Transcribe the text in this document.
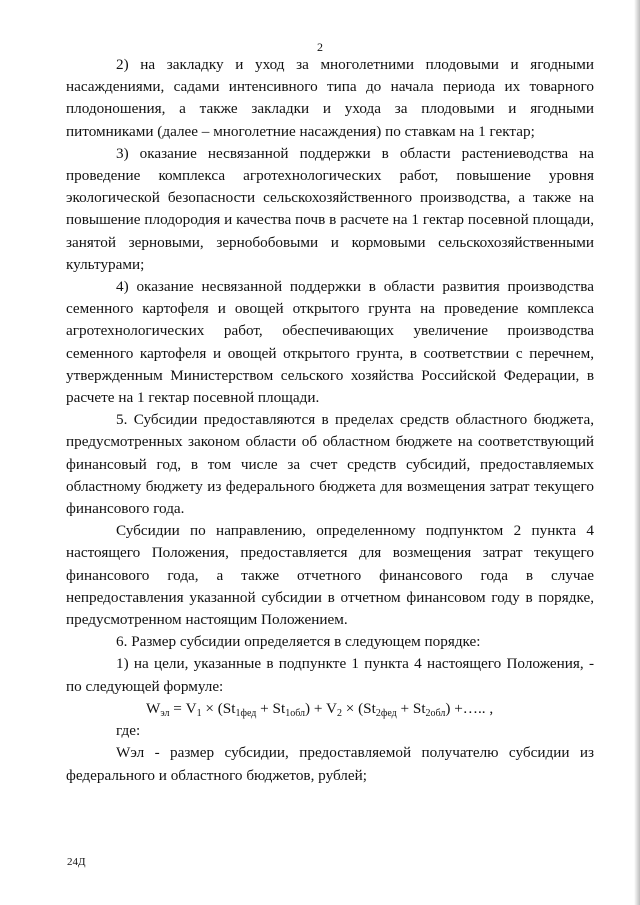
2

2) на закладку и уход за многолетними плодовыми и ягодными насаждениями, садами интенсивного типа до начала периода их товарного плодоношения, а также закладки и ухода за плодовыми и ягодными питомниками (далее – многолетние насаждения) по ставкам на 1 гектар;

3) оказание несвязанной поддержки в области растениеводства на проведение комплекса агротехнологических работ, повышение уровня экологической безопасности сельскохозяйственного производства, а также на повышение плодородия и качества почв в расчете на 1 гектар посевной площади, занятой зерновыми, зернобобовыми и кормовыми сельскохозяйственными культурами;

4) оказание несвязанной поддержки в области развития производства семенного картофеля и овощей открытого грунта на проведение комплекса агротехнологических работ, обеспечивающих увеличение производства семенного картофеля и овощей открытого грунта, в соответствии с перечнем, утвержденным Министерством сельского хозяйства Российской Федерации, в расчете на 1 гектар посевной площади.

5. Субсидии предоставляются в пределах средств областного бюджета, предусмотренных законом области об областном бюджете на соответствующий финансовый год, в том числе за счет средств субсидий, предоставляемых областному бюджету из федерального бюджета для возмещения затрат текущего финансового года.

Субсидии по направлению, определенному подпунктом 2 пункта 4 настоящего Положения, предоставляется для возмещения затрат текущего финансового года, а также отчетного финансового года в случае непредоставления указанной субсидии в отчетном финансовом году в порядке, предусмотренном настоящим Положением.

6. Размер субсидии определяется в следующем порядке:

1) на цели, указанные в подпункте 1 пункта 4 настоящего Положения, - по следующей формуле:

$W_{эл} = V_1 \times (St_{1фед} + St_{1обл}) + V_2 \times (St_{2фед} + St_{2обл})$ +….. ,
где:

Wэл - размер субсидии, предоставляемой получателю субсидии из федерального и областного бюджетов, рублей;

24Д
